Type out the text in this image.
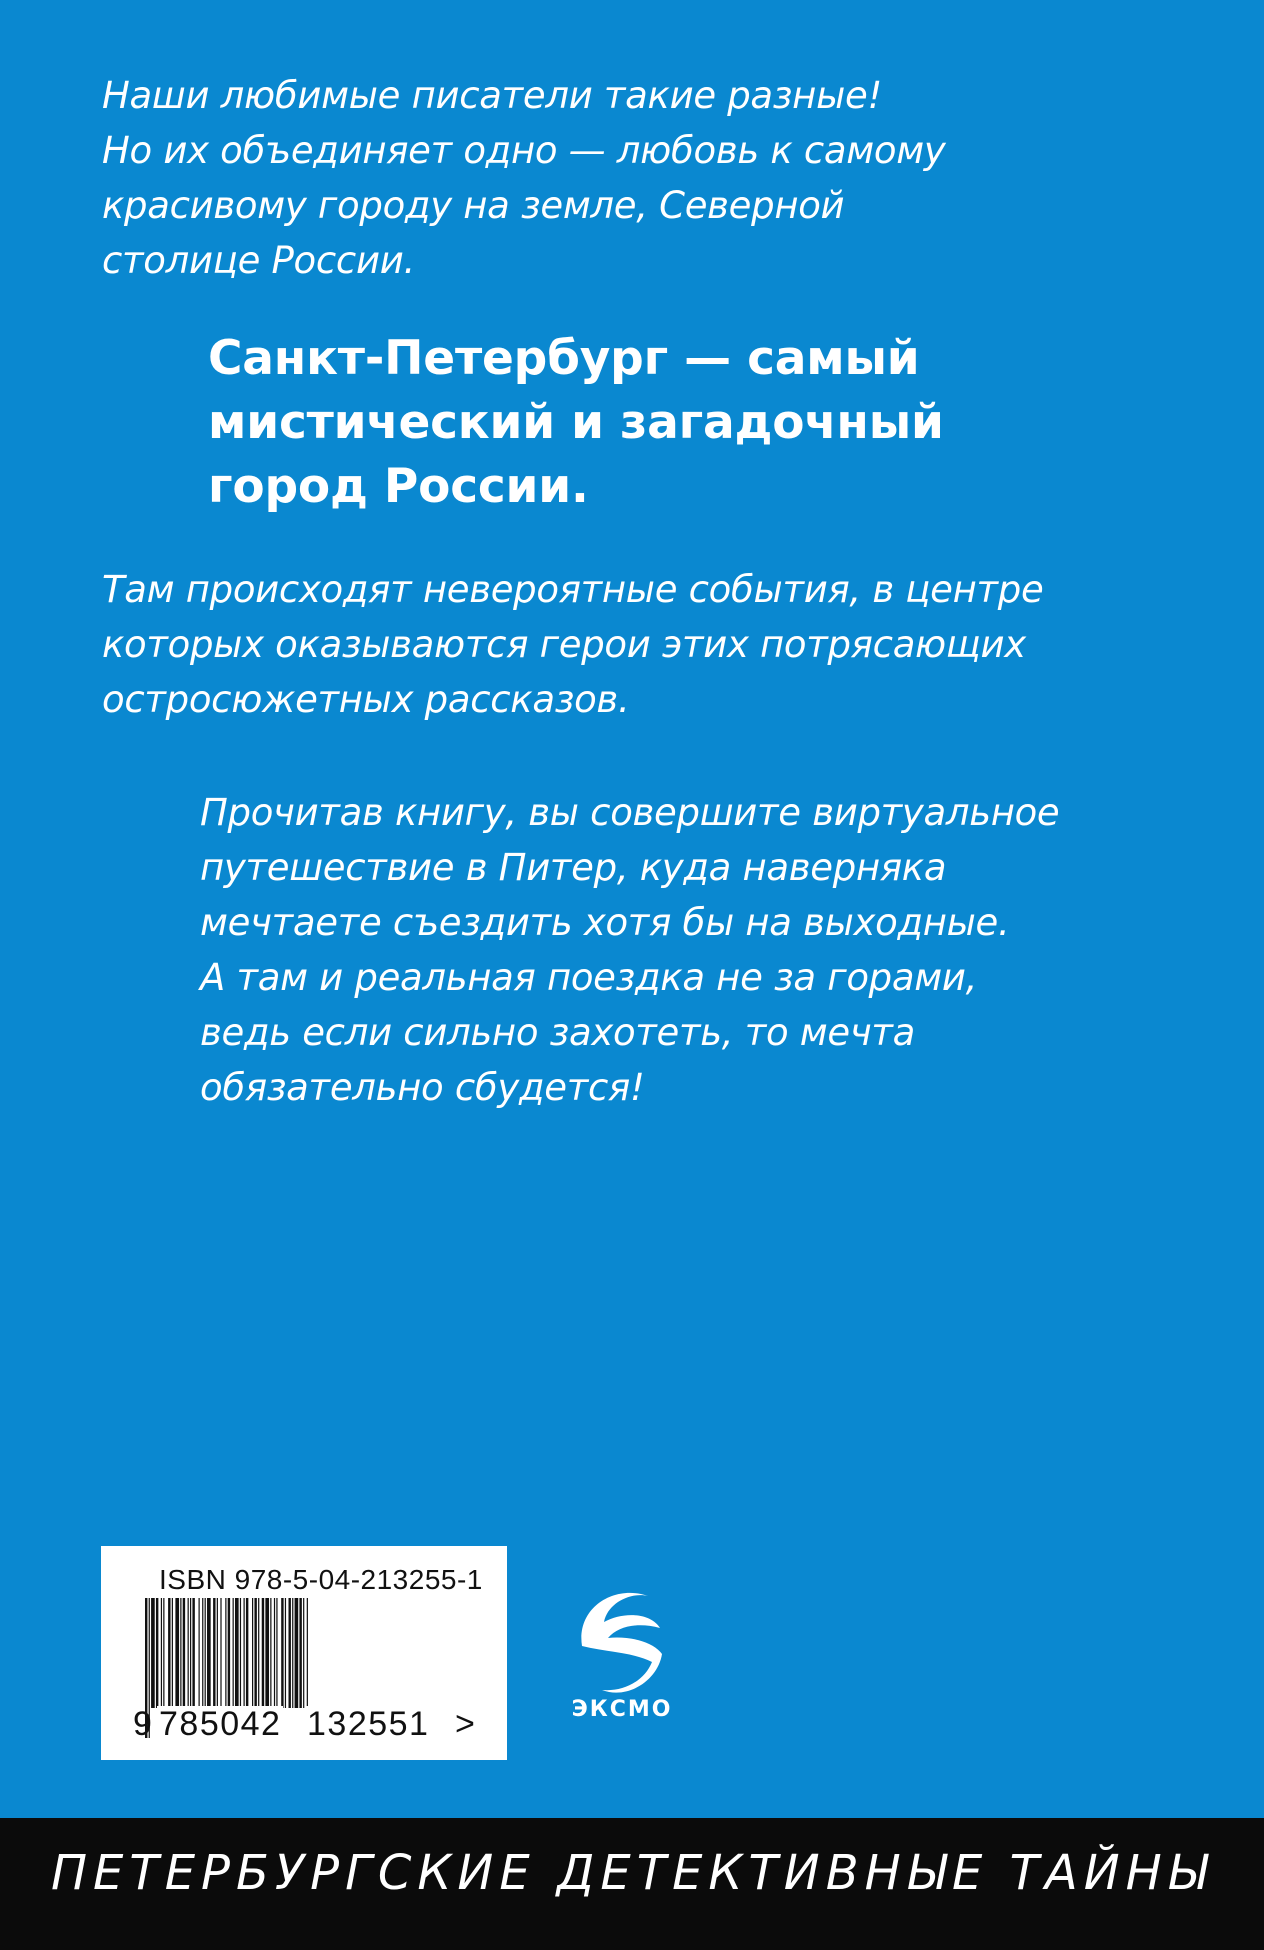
Наши любимые писатели такие разные!
Но их объединяет одно — любовь к самому
красивому городу на земле, Северной
столице России.
Санкт-Петербург — самый
мистический и загадочный
город России.
Там происходят невероятные события, в центре
которых оказываются герои этих потрясающих
остросюжетных рассказов.
Прочитав книгу, вы совершите виртуальное
путешествие в Питер, куда наверняка
мечтаете съездить хотя бы на выходные.
А там и реальная поездка не за горами,
ведь если сильно захотеть, то мечта
обязательно сбудется!
ISBN 978-5-04-213255-1
9 785042 132551 >	ЭКСМО
ПЕТЕРБУРГСКИЕ ДЕТЕКТИВНЫЕ ТАЙНЫ
